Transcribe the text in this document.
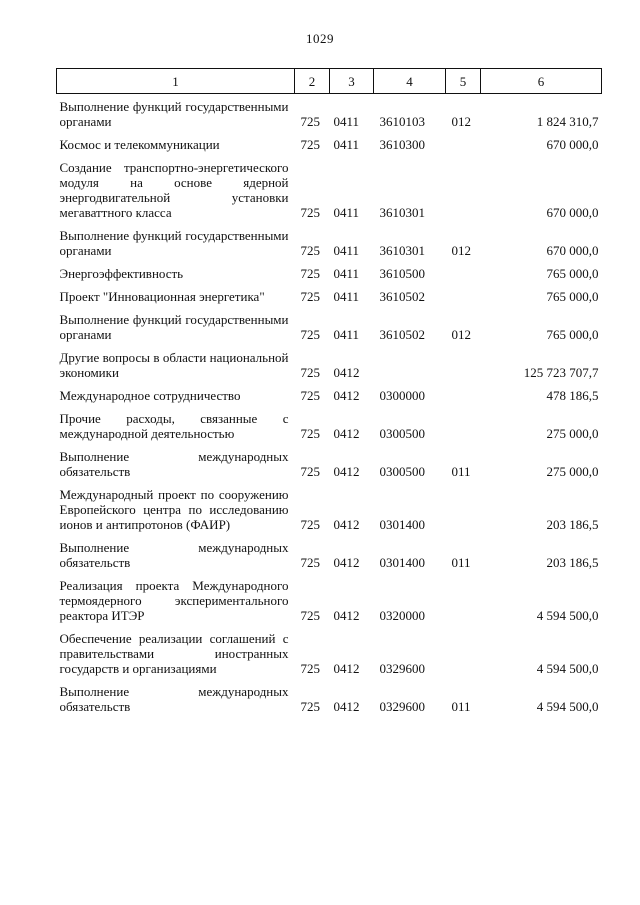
1029
1	2	3	4	5	6

Выполнение функций государственными органами	725	0411	3610103	012	1 824 310,7

Космос и телекоммуникации	725	0411	3610300		670 000,0

Создание транспортно-энергетического модуля на основе ядерной энергодвигательной установки мегаваттного класса	725	0411	3610301		670 000,0

Выполнение функций государственными органами	725	0411	3610301	012	670 000,0

Энергоэффективность	725	0411	3610500		765 000,0

Проект "Инновационная энергетика"	725	0411	3610502		765 000,0

Выполнение функций государственными органами	725	0411	3610502	012	765 000,0

Другие вопросы в области национальной экономики	725	0412			125 723 707,7

Международное сотрудничество	725	0412	0300000		478 186,5

Прочие расходы, связанные с международной деятельностью	725	0412	0300500		275 000,0

Выполнение международных обязательств	725	0412	0300500	011	275 000,0

Международный проект по сооружению Европейского центра по исследованию ионов и антипротонов (ФАИР)	725	0412	0301400		203 186,5

Выполнение международных обязательств	725	0412	0301400	011	203 186,5

Реализация проекта Международного термоядерного экспериментального реактора ИТЭР	725	0412	0320000		4 594 500,0

Обеспечение реализации соглашений с правительствами иностранных государств и организациями	725	0412	0329600		4 594 500,0

Выполнение международных обязательств	725	0412	0329600	011	4 594 500,0
